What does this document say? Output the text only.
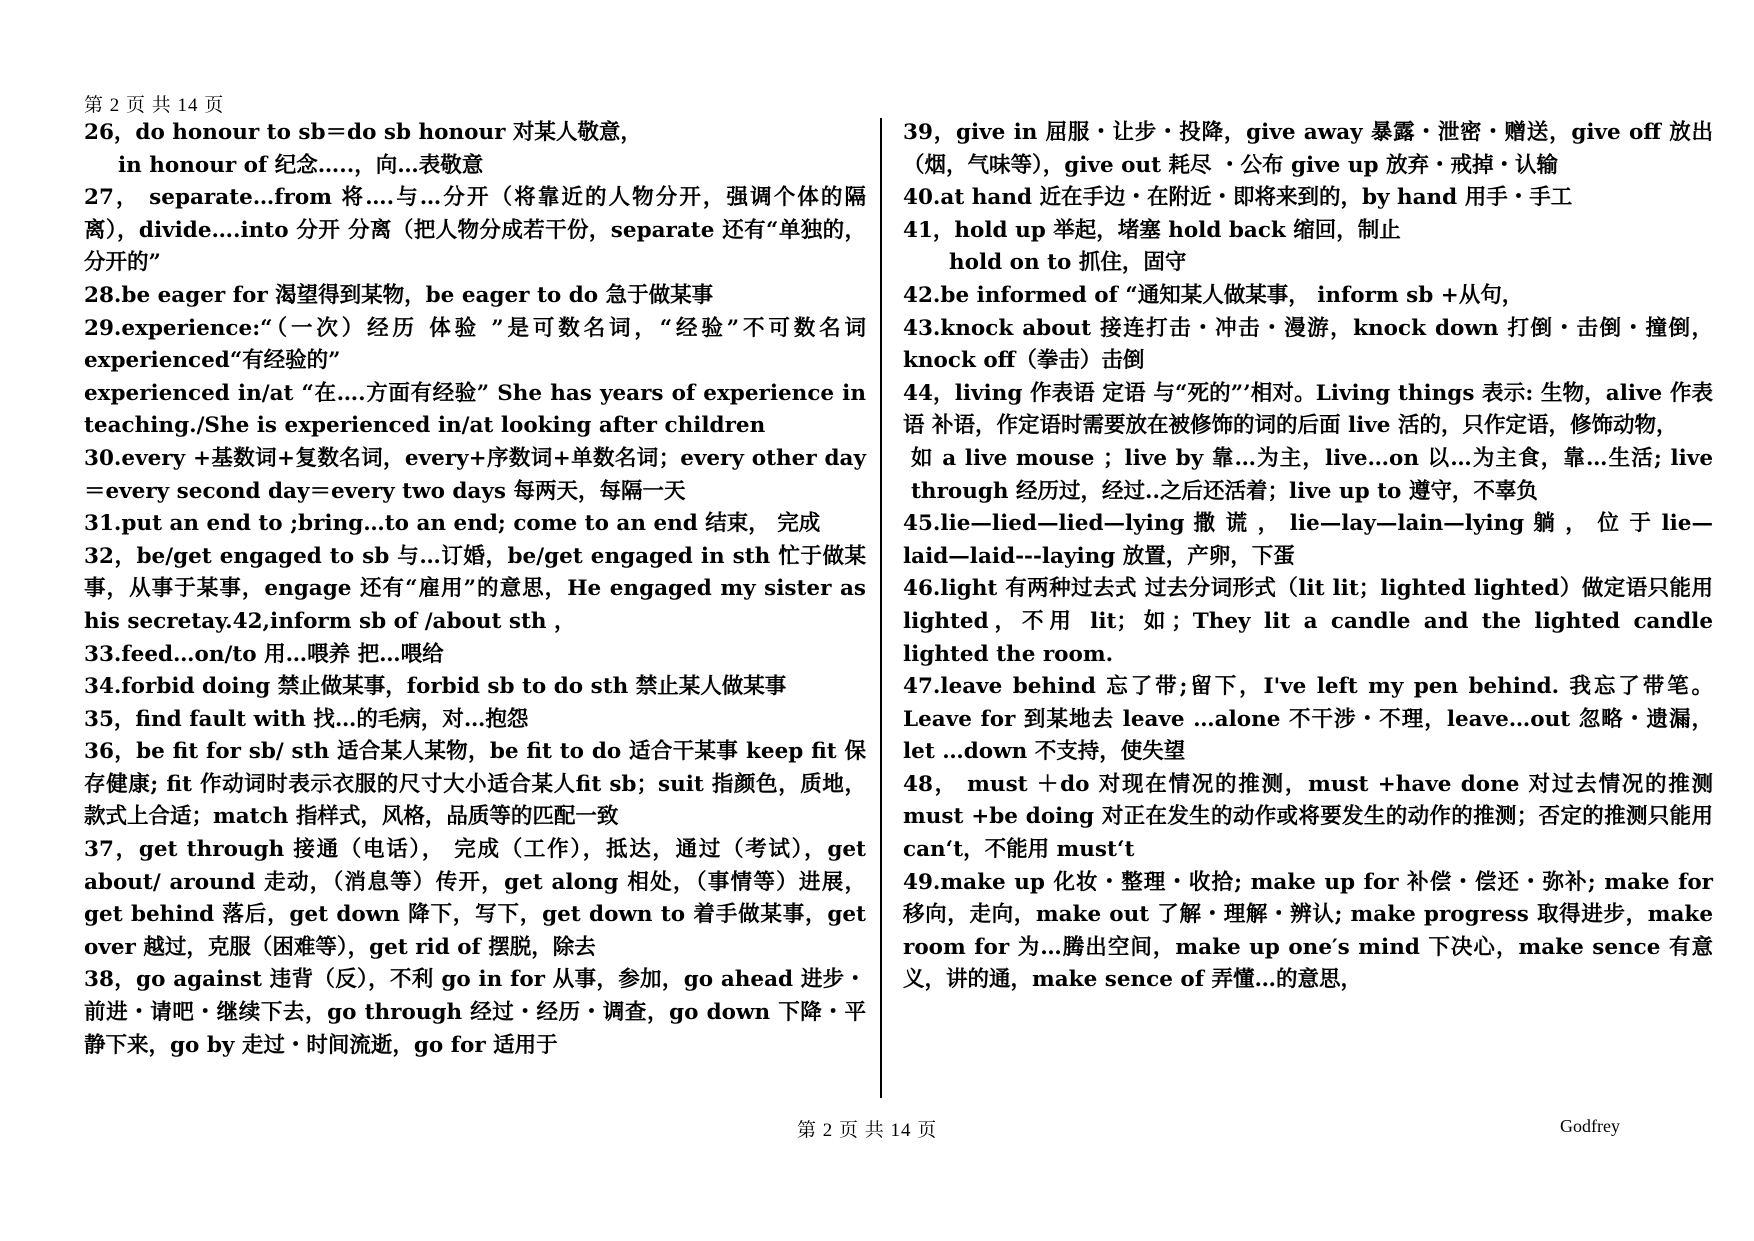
第 2 页 共 14 页

26，do honour to sb＝do sb honour 对某人敬意，

in honour of 纪念…..，向…表敬意

27， separate…from 将….与…分开（将靠近的人物分开，强调个体的隔离），divide….into 分开 分离（把人物分成若干份，separate 还有“单独的，分开的”

28.be eager for 渴望得到某物，be eager to do 急于做某事

29.experience:“（一次）经历 体验 ”是可数名词，“经验”不可数名词 experienced“有经验的”

experienced in/at “在….方面有经验” She has years of experience in teaching./She is experienced in/at looking after children

30.every +基数词+复数名词，every+序数词+单数名词；every other day＝every second day＝every two days 每两天，每隔一天

31.put an end to ;bring…to an end; come to an end 结束， 完成

32，be/get engaged to sb 与…订婚，be/get engaged in sth 忙于做某事，从事于某事，engage 还有“雇用”的意思，He engaged my sister as his secretay.42,inform sb of /about sth ，

33.feed…on/to 用…喂养 把…喂给

34.forbid doing 禁止做某事，forbid sb to do sth 禁止某人做某事

35，find fault with 找…的毛病，对…抱怨

36，be fit for sb/ sth 适合某人某物，be fit to do 适合干某事 keep fit 保存健康; fit 作动词时表示衣服的尺寸大小适合某人fit sb；suit 指颜色，质地，款式上合适；match 指样式，风格，品质等的匹配一致

37，get through 接通（电话）， 完成（工作），抵达，通过（考试），get about/ around 走动，（消息等）传开，get along 相处，（事情等）进展，get behind 落后，get down 降下，写下，get down to 着手做某事，get over 越过，克服（困难等），get rid of 摆脱，除去

38，go against 违背（反），不利 go in for 从事，参加，go ahead 进步・前进・请吧・继续下去，go through 经过・经历・调查，go down 下降・平静下来，go by 走过・时间流逝，go for 适用于

39，give in 屈服・让步・投降，give away 暴露・泄密・赠送，give off 放出（烟，气味等），give out 耗尽 ・公布 give up 放弃・戒掉・认输

40.at hand 近在手边・在附近・即将来到的，by hand 用手・手工

41，hold up 举起，堵塞 hold back 缩回，制止

hold on to 抓住，固守

42.be informed of “通知某人做某事， inform sb +从句，

43.knock about 接连打击・冲击・漫游，knock down 打倒・击倒・撞倒，knock off（拳击）击倒

44，living 作表语 定语 与“死的”’相对。Living things 表示: 生物，alive 作表语 补语，作定语时需要放在被修饰的词的后面 live 活的，只作定语，修饰动物，

如 a live mouse ；live by 靠…为主，live…on 以…为主食，靠…生活; live through 经历过，经过..之后还活着；live up to 遵守，不辜负

45.lie—lied—lied—lying 撒 谎 ， lie—lay—lain—lying 躺 ， 位 于 lie—laid—laid---laying 放置，产卵，下蛋

46.light 有两种过去式 过去分词形式（lit lit；lighted lighted）做定语只能用 lighted，不用 lit；如；They lit a candle and the lighted candle lighted the room.

47.leave behind 忘了带;留下，I've left my pen behind. 我忘了带笔。Leave for 到某地去 leave …alone 不干涉・不理，leave…out 忽略・遗漏，let …down 不支持，使失望

48， must ＋do 对现在情况的推测，must +have done 对过去情况的推测 must +be doing 对正在发生的动作或将要发生的动作的推测；否定的推测只能用 can‘t，不能用 must‘t

49.make up 化妆・整理・收拾; make up for 补偿・偿还・弥补; make for 移向，走向，make out 了解・理解・辨认; make progress 取得进步，make room for 为…腾出空间，make up one′s mind 下决心，make sence 有意义，讲的通，make sence of 弄懂…的意思，

第 2 页 共 14 页	Godfrey
